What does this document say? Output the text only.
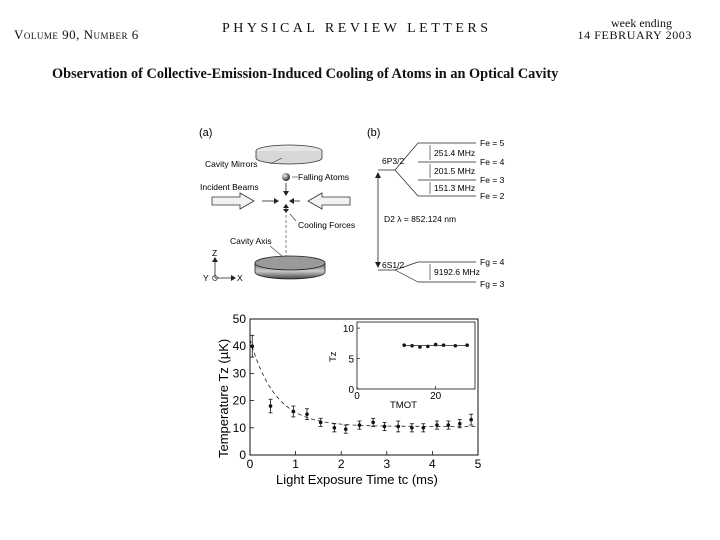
Volume 90, Number 6	PHYSICAL REVIEW LETTERS	week ending
14 FEBRUARY 2003
Observation of Collective-Emission-Induced Cooling of Atoms in an Optical Cavity
(a)
Cavity Mirrors
Falling Atoms
Incident Beams
Cooling Forces
Cavity Axis
Z
Y	X
(b)
6P3/2
251.4 MHz
201.5 MHz
151.3 MHz
Fe = 5
Fe = 4
Fe = 3
Fe = 2
D2 λ = 852.124 nm
6S1/2
9192.6 MHz
Fg = 4
Fg = 3
0	1	2	3	4	5
0
10
20
30
40
50
Light Exposure Time tc (ms)
Temperature Tz (µK)	0	20
0
5
10
TMOT
Tz
